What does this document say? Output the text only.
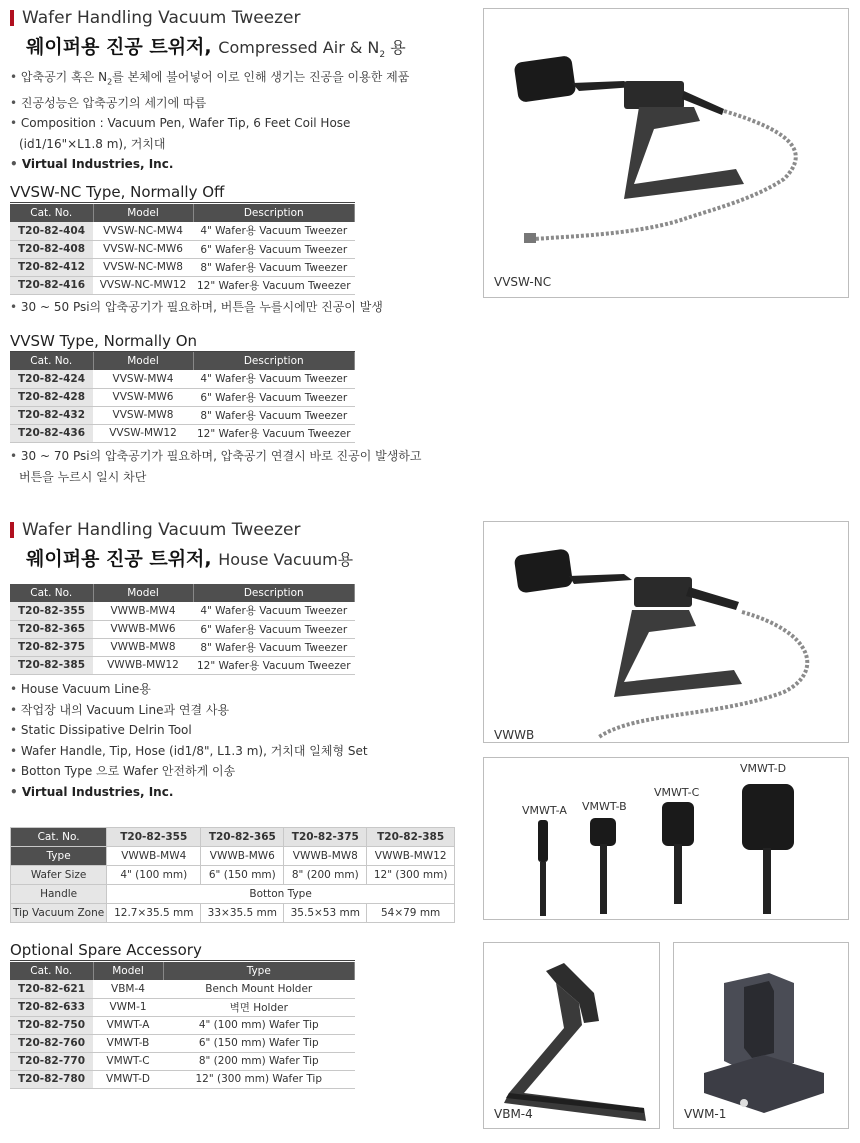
Wafer Handling Vacuum Tweezer
웨이퍼용 진공 트위저, Compressed Air & $N_2$ 용
• 압축공기 혹은 $N_2$를 본체에 불어넣어 이로 인해 생기는 진공을 이용한 제품
• 진공성능은 압축공기의 세기에 따름
• Composition : Vacuum Pen, Wafer Tip, 6 Feet Coil Hose
(id1/16"×L1.8 m), 거치대
• Virtual Industries, Inc.
VVSW-NC Type, Normally Off
Cat. No.	Model	Description
T20-82-404	VVSW-NC-MW4	4" Wafer용 Vacuum Tweezer
T20-82-408	VVSW-NC-MW6	6" Wafer용 Vacuum Tweezer
T20-82-412	VVSW-NC-MW8	8" Wafer용 Vacuum Tweezer
T20-82-416	VVSW-NC-MW12	12" Wafer용 Vacuum Tweezer
• 30 ~ 50 Psi의 압축공기가 필요하며, 버튼을 누를시에만 진공이 발생
VVSW Type, Normally On
Cat. No.	Model	Description
T20-82-424	VVSW-MW4	4" Wafer용 Vacuum Tweezer
T20-82-428	VVSW-MW6	6" Wafer용 Vacuum Tweezer
T20-82-432	VVSW-MW8	8" Wafer용 Vacuum Tweezer
T20-82-436	VVSW-MW12	12" Wafer용 Vacuum Tweezer
• 30 ~ 70 Psi의 압축공기가 필요하며, 압축공기 연결시 바로 진공이 발생하고
버튼을 누르시 일시 차단
VVSW-NC
Wafer Handling Vacuum Tweezer
웨이퍼용 진공 트위저, House Vacuum용
Cat. No.	Model	Description
T20-82-355	VWWB-MW4	4" Wafer용 Vacuum Tweezer
T20-82-365	VWWB-MW6	6" Wafer용 Vacuum Tweezer
T20-82-375	VWWB-MW8	8" Wafer용 Vacuum Tweezer
T20-82-385	VWWB-MW12	12" Wafer용 Vacuum Tweezer
• House Vacuum Line용
• 작업장 내의 Vacuum Line과 연결 사용
• Static Dissipative Delrin Tool
• Wafer Handle, Tip, Hose (id1/8", L1.3 m), 거치대 일체형 Set
• Botton Type 으로 Wafer 안전하게 이송
• Virtual Industries, Inc.
VWWB
VMWT-A VMWT-B
VMWT-C
VMWT-D
Cat. No.	T20-82-355	T20-82-365	T20-82-375	T20-82-385
Type	VWWB-MW4	VWWB-MW6	VWWB-MW8	VWWB-MW12
Wafer Size	4" (100 mm)	6" (150 mm)	8" (200 mm)	12" (300 mm)
Handle	Botton Type			
Tip Vacuum Zone	12.7×35.5 mm	33×35.5 mm	35.5×53 mm	54×79 mm
Optional Spare Accessory
Cat. No.	Model	Type
T20-82-621	VBM-4	Bench Mount Holder
T20-82-633	VWM-1	벽면 Holder
T20-82-750	VMWT-A	4" (100 mm) Wafer Tip
T20-82-760	VMWT-B	6" (150 mm) Wafer Tip
T20-82-770	VMWT-C	8" (200 mm) Wafer Tip
T20-82-780	VMWT-D	12" (300 mm) Wafer Tip
VBM-4	VWM-1
